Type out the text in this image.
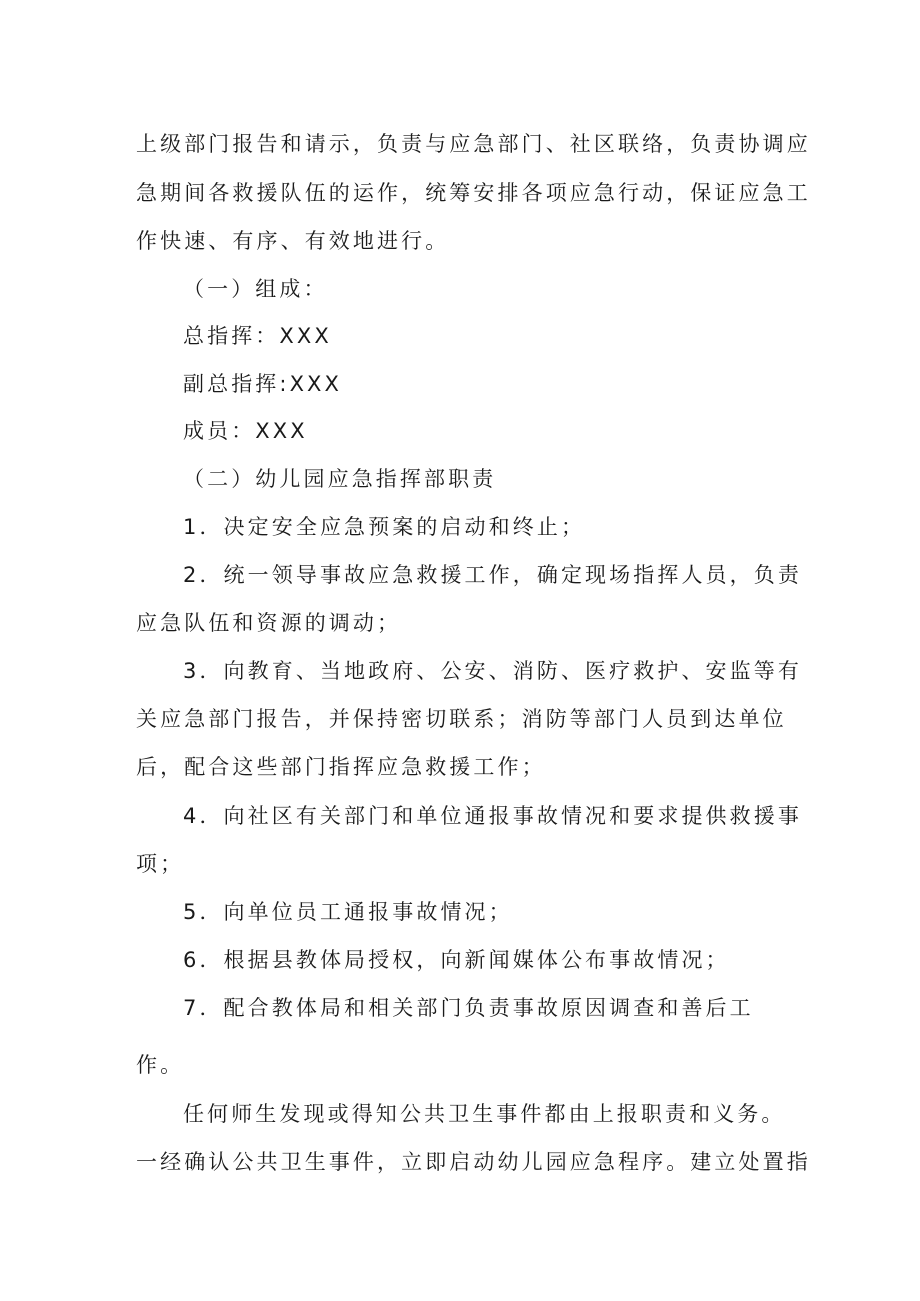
上级部门报告和请示，负责与应急部门、社区联络，负责协调应
急期间各救援队伍的运作，统筹安排各项应急行动，保证应急工
作快速、有序、有效地进行。
（一）组成：
总指挥：XXX
副总指挥:XXX
成员：XXX
（二）幼儿园应急指挥部职责
1．决定安全应急预案的启动和终止；
2．统一领导事故应急救援工作，确定现场指挥人员，负责
应急队伍和资源的调动；
3．向教育、当地政府、公安、消防、医疗救护、安监等有
关应急部门报告，并保持密切联系；消防等部门人员到达单位
后，配合这些部门指挥应急救援工作；
4．向社区有关部门和单位通报事故情况和要求提供救援事
项；
5．向单位员工通报事故情况；
6．根据县教体局授权，向新闻媒体公布事故情况；
7．配合教体局和相关部门负责事故原因调查和善后工
作。
任何师生发现或得知公共卫生事件都由上报职责和义务。
一经确认公共卫生事件，立即启动幼儿园应急程序。建立处置指
